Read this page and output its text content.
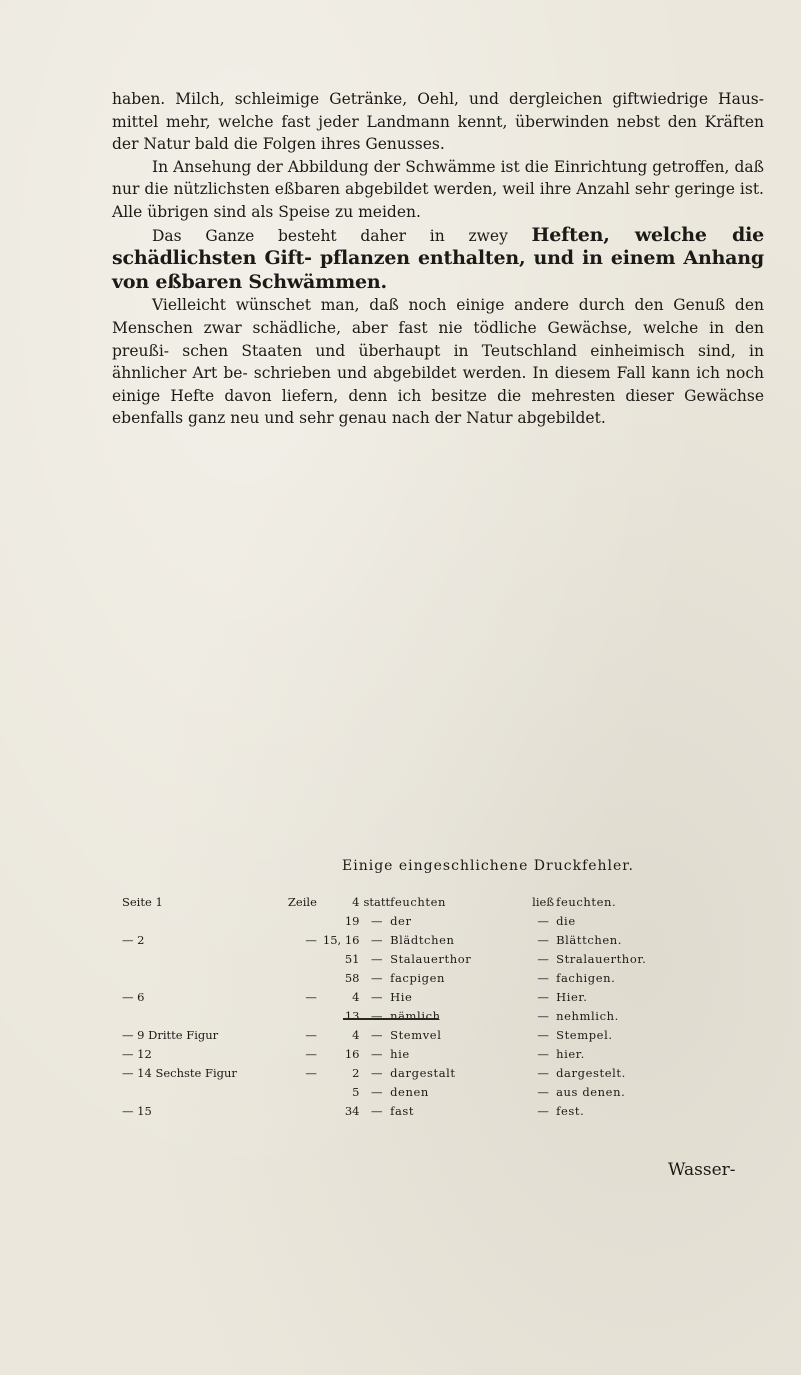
haben. Milch, schleimige Getränke, Oehl, und dergleichen giftwiedrige Haus- mittel mehr, welche fast jeder Landmann kennt, überwinden nebst den Kräften der Natur bald die Folgen ihres Genusses.

In Ansehung der Abbildung der Schwämme ist die Einrichtung getroffen, daß nur die nützlichsten eßbaren abgebildet werden, weil ihre Anzahl sehr geringe ist. Alle übrigen sind als Speise zu meiden.

Das Ganze besteht daher in zwey Heften, welche die schädlichsten Gift- pflanzen enthalten, und in einem Anhang von eßbaren Schwämmen.

Vielleicht wünschet man, daß noch einige andere durch den Genuß den Menschen zwar schädliche, aber fast nie tödliche Gewächse, welche in den preußi- schen Staaten und überhaupt in Teutschland einheimisch sind, in ähnlicher Art be- schrieben und abgebildet werden. In diesem Fall kann ich noch einige Hefte davon liefern, denn ich besitze die mehresten dieser Gewächse ebenfalls ganz neu und sehr genau nach der Natur abgebildet.

Einige eingeschlichene Druckfehler.
Seite 1	Zeile	4	statt	feuchten	ließ	feuchten.
		19	—	der	—	die
— 2	—	15, 16	—	Blädtchen	—	Blättchen.
		51	—	Stalauerthor	—	Stralauerthor.
		58	—	facpigen	—	fachigen.
— 6	—	4	—	Hie	—	Hier.
		13	—	nämlich	—	nehmlich.
— 9 Dritte Figur	—	4	—	Stemvel	—	Stempel.
— 12	—	16	—	hie	—	hier.
— 14 Sechste Figur	—	2	—	dargestalt	—	dargestelt.
		5	—	denen	—	aus denen.
— 15		34	—	fast	—	fest.
Wasser-
